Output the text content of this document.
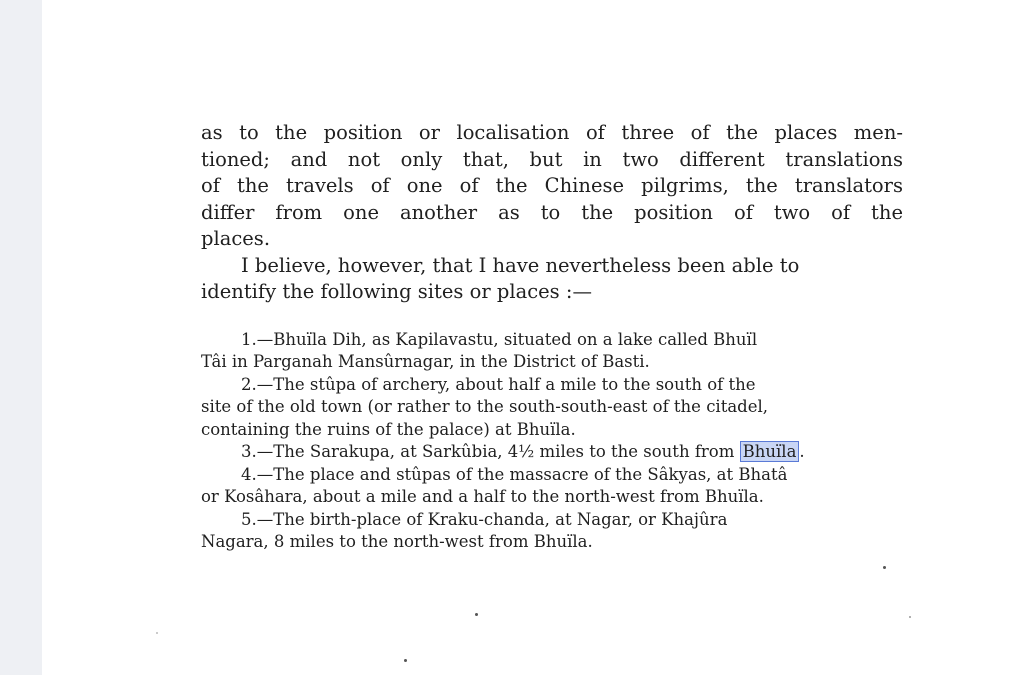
as to the position or localisation of three of the places men-
tioned; and not only that, but in two different translations
of the travels of one of the Chinese pilgrims, the translators
differ from one another as to the position of two of the
places.

I believe, however, that I have nevertheless been able to
identify the following sites or places :—

1.—Bhuïla Dih, as Kapilavastu, situated on a lake called Bhuïl
Tâi in Parganah Mansûrnagar, in the District of Basti.
2.—The stûpa of archery, about half a mile to the south of the
site of the old town (or rather to the south-south-east of the citadel,
containing the ruins of the palace) at Bhuïla.
3.—The Sarakupa, at Sarkûbia, 4½ miles to the south from Bhuïla .
4.—The place and stûpas of the massacre of the Sâkyas, at Bhatâ
or Kosâhara, about a mile and a half to the north-west from Bhuïla.
5.—The birth-place of Kraku-chanda, at Nagar, or Khajûra
Nagara, 8 miles to the north-west from Bhuïla.
